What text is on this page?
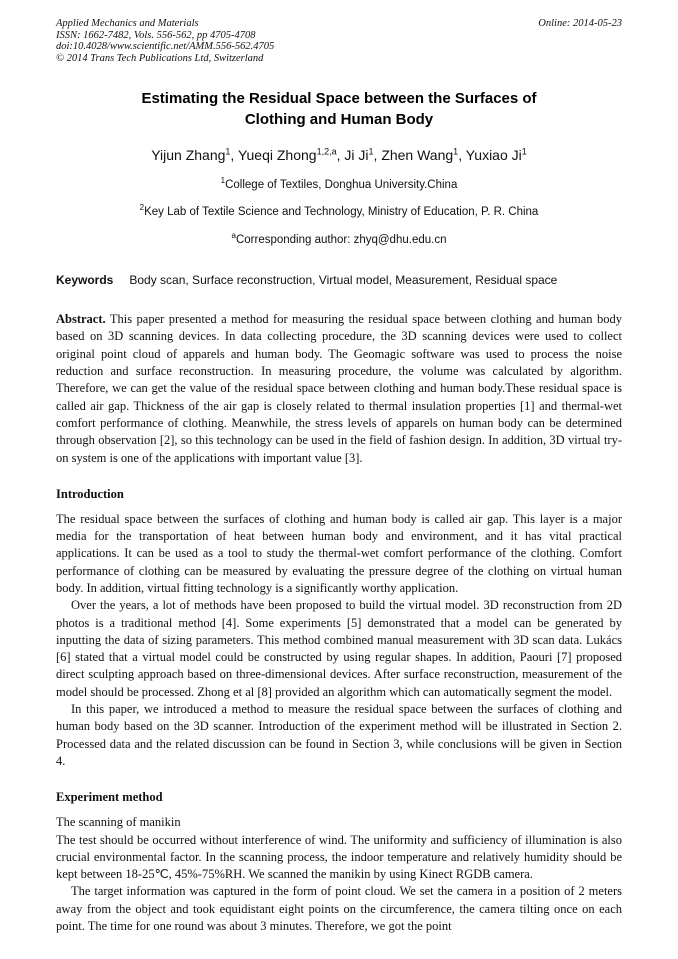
Applied Mechanics and Materials
ISSN: 1662-7482, Vols. 556-562, pp 4705-4708
doi:10.4028/www.scientific.net/AMM.556-562.4705
© 2014 Trans Tech Publications Ltd, Switzerland
Online: 2014-05-23
Estimating the Residual Space between the Surfaces of Clothing and Human Body
Yijun Zhang$^1$, Yueqi Zhong$^{1,2,a}$, Ji Ji$^1$, Zhen Wang$^1$, Yuxiao Ji$^1$
$^1$College of Textiles, Donghua University.China
$^2$Key Lab of Textile Science and Technology, Ministry of Education, P. R. China
$^a$Corresponding author: zhyq@dhu.edu.cn
Keywords Body scan, Surface reconstruction, Virtual model, Measurement, Residual space

Abstract. This paper presented a method for measuring the residual space between clothing and human body based on 3D scanning devices. In data collecting procedure, the 3D scanning devices were used to collect original point cloud of apparels and human body. The Geomagic software was used to process the noise reduction and surface reconstruction. In measuring procedure, the volume was calculated by algorithm. Therefore, we can get the value of the residual space between clothing and human body.These residual space is called air gap. Thickness of the air gap is closely related to thermal insulation properties [1] and thermal-wet comfort performance of clothing. Meanwhile, the stress levels of apparels on human body can be determined through observation [2], so this technology can be used in the field of fashion design. In addition, 3D virtual try-on system is one of the applications with important value [3].

Introduction

The residual space between the surfaces of clothing and human body is called air gap. This layer is a major media for the transportation of heat between human body and environment, and it has vital practical applications. It can be used as a tool to study the thermal-wet comfort performance of the clothing. Comfort performance of clothing can be measured by evaluating the pressure degree of the clothing on virtual human body. In addition, virtual fitting technology is a significantly worthy application.

Over the years, a lot of methods have been proposed to build the virtual model. 3D reconstruction from 2D photos is a traditional method [4]. Some experiments [5] demonstrated that a model can be generated by inputting the data of sizing parameters. This method combined manual measurement with 3D scan data. Lukács [6] stated that a virtual model could be constructed by using regular shapes. In addition, Paouri [7] proposed direct sculpting approach based on three-dimensional devices. After surface reconstruction, measurement of the model should be processed. Zhong et al [8] provided an algorithm which can automatically segment the model.

In this paper, we introduced a method to measure the residual space between the surfaces of clothing and human body based on the 3D scanner. Introduction of the experiment method will be illustrated in Section 2. Processed data and the related discussion can be found in Section 3, while conclusions will be given in Section 4.

Experiment method
The scanning of manikin

The test should be occurred without interference of wind. The uniformity and sufficiency of illumination is also crucial environmental factor. In the scanning process, the indoor temperature and relatively humidity should be kept between 18-25℃, 45%-75%RH. We scanned the manikin by using Kinect RGDB camera.

The target information was captured in the form of point cloud. We set the camera in a position of 2 meters away from the object and took equidistant eight points on the circumference, the camera tilting once on each point. The time for one round was about 3 minutes. Therefore, we got the point
